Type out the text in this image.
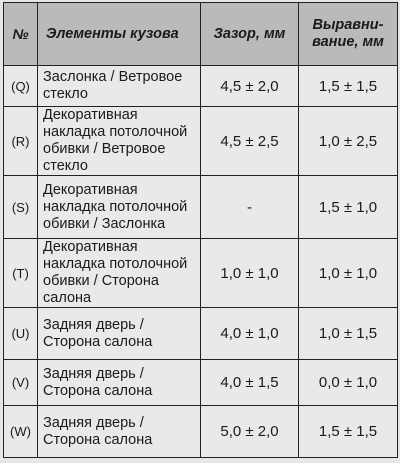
№	Элементы кузова	Зазор, мм	Выравни-вание, мм
(Q)	Заслонка / Ветровое стекло	4,5 ± 2,0	1,5 ± 1,5
(R)	Декоративная накладка потолочной обивки / Ветровое стекло	4,5 ± 2,5	1,0 ± 2,5
(S)	Декоративная накладка потолочной обивки / Заслонка	-	1,5 ± 1,0
(T)	Декоративная накладка потолочной обивки / Сторона салона	1,0 ± 1,0	1,0 ± 1,0
(U)	Задняя дверь / Сторона салона	4,0 ± 1,0	1,0 ± 1,5
(V)	Задняя дверь / Сторона салона	4,0 ± 1,5	0,0 ± 1,0
(W)	Задняя дверь / Сторона салона	5,0 ± 2,0	1,5 ± 1,5
